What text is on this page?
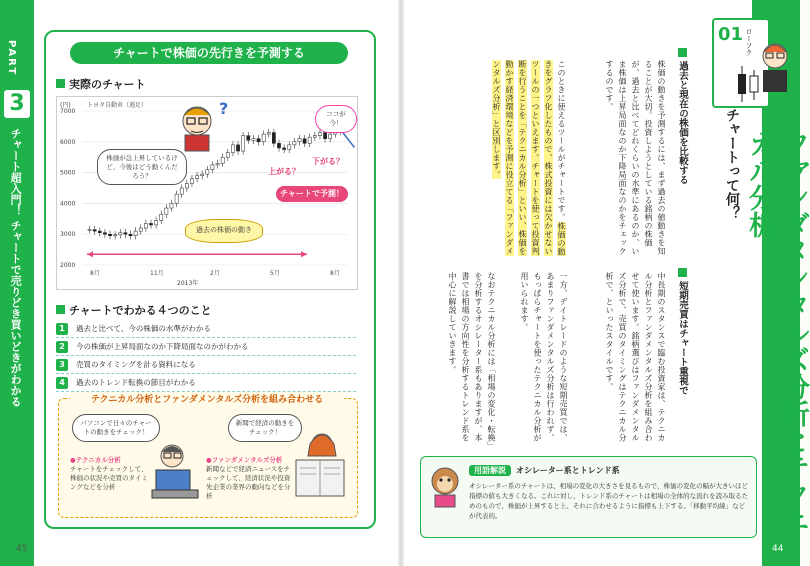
PART
3
チャート超入門！ チャートで売りどき買いどきがわかる
チャートで株価の先行きを予測する
実際のチャート
(円)	トヨタ自動車（週足）
2000
3000
4000
5000
6000
7000
8月	11月	2月	5月	8月
2013年
株価が急上昇しているけど、今後はどう動くんだろう？
ココが今！
過去の株価の動き
?
上がる？
下がる？
チャートで予測！
チャートでわかる４つのこと
1	過去と比べて、今の株価の水準がわかる
2	今の株価が上昇局面なのか下降局面なのかがわかる
3	売買のタイミングを計る資料になる
4	過去のトレンド転換の節目がわかる
テクニカル分析とファンダメンタルズ分析を組み合わせる
パソコンで日々のチャートの動きをチェック！
新聞で経済の動きをチェック！
●テクニカル分析
チャートをチェックして、株価の状況や売買のタイミングなどを分析
●ファンダメンタルズ分析
新聞などで経済ニュースをチェックして、経済状況や投資先企業の業界の動向などを分析
45
01 ローソク
チャートって何？	ファンダメンタルズ分析とテクニカル分析
過去と現在の株価を比較する
株価の動きを予測するには、まず過去の値動きを知ることが大切。投資しようとしている銘柄の株価が、過去と比べてどれくらいの水準にあるのか、いま株価は上昇局面なのか下降局面なのかをチェックするのです。
このときに使えるツールがチャートです。株価の動きをグラフ化したもので、株式投資には欠かせないツールの一つといえます。チャートを使って投資判断を行うことを「テクニカル分析」といい、株価を動かす経済環境などを予測に役立てる「ファンダメンタルズ分析」と区別します。
短期売買はチャート重視で
中長期のスタンスで臨む投資家は、テクニカル分析とファンダメンタルズ分析を組み合わせて使います。銘柄選びはファンダメンタルズ分析で、売買のタイミングはテクニカル分析で、といったスタイルです。
一方、デイトレードのような短期売買では、あまりファンダメンタルズ分析は行われず、もっぱらチャートを使ったテクニカル分析が用いられます。
なおテクニカル分析には「相場の変化・転換」を分析するオシレーター系もありますが、本書では相場の方向性を分析するトレンド系を中心に解説していきます。
用語解説 オシレーター系とトレンド系
オシレーター系のチャートは、相場の変化の大きさを見るもので、株価の変化の幅が大きいほど指標の値も大きくなる。これに対し、トレンド系のチャートは相場の全体的な流れを読み取るためのもので、株価が上昇すると上、それに合わせるように指標も上下する。「移動平均線」などが代表的。
44
